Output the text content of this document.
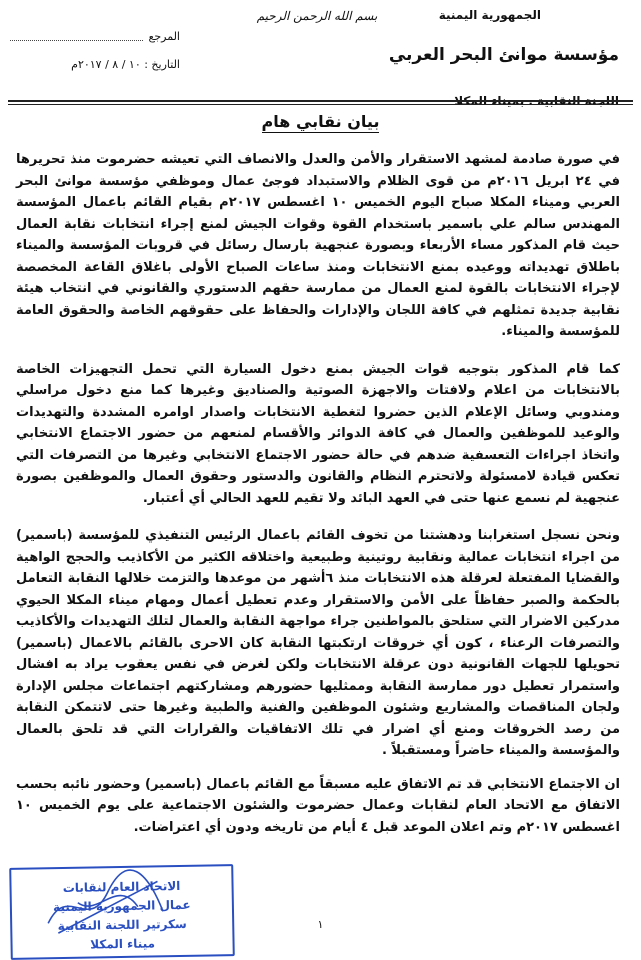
الجمهورية اليمنية
مؤسسة موانئ البحر العربي
اللجنة النقابية . بميناء المكلا
بسم الله الرحمن الرحيم
المرجع
التاريخ : ١٠ / ٨ / ٢٠١٧م
بيان نقابي هام

في صورة صادمة لمشهد الاستقرار والأمن والعدل والانصاف التي تعيشه حضرموت منذ تحريرها في ٢٤ ابريل ٢٠١٦م من قوى الظلام والاستبداد فوجئ عمال وموظفي مؤسسة موانئ البحر العربي وميناء المكلا صباح اليوم الخميس ١٠ اغسطس ٢٠١٧م بقيام القائم باعمال المؤسسة المهندس سالم علي باسمير باستخدام القوة وقوات الجيش لمنع إجراء انتخابات نقابة العمال حيث قام المذكور مساء الأربعاء وبصورة عنجهية بارسال رسائل في قروبات المؤسسة والميناء باطلاق تهديداته ووعيده بمنع الانتخابات ومنذ ساعات الصباح الأولى باغلاق القاعة المخصصة لإجراء الانتخابات بالقوة لمنع العمال من ممارسة حقهم الدستوري والقانوني في انتخاب هيئة نقابية جديدة تمثلهم في كافة اللجان والإدارات والحفاظ على حقوقهم الخاصة والحقوق العامة للمؤسسة والميناء.

كما قام المذكور بتوجيه قوات الجيش بمنع دخول السيارة التي تحمل التجهيزات الخاصة بالانتخابات من اعلام ولافتات والاجهزة الصوتية والصناديق وغيرها كما منع دخول مراسلي ومندوبي وسائل الإعلام الذين حضروا لتغطية الانتخابات واصدار اوامره المشددة والتهديدات والوعيد للموظفين والعمال في كافة الدوائر والأقسام لمنعهم من حضور الاجتماع الانتخابي واتخاذ اجراءات التعسفية ضدهم في حالة حضور الاجتماع الانتخابي وغيرها من التصرفات التي تعكس قيادة لامسئولة ولاتحترم النظام والقانون والدستور وحقوق العمال والموظفين بصورة عنجهية لم نسمع عنها حتى في العهد البائد ولا تقيم للعهد الحالي أي أعتبار.

ونحن نسجل استغرابنا ودهشتنا من تخوف القائم باعمال الرئيس التنفيذي للمؤسسة (باسمير) من اجراء انتخابات عمالية ونقابية روتينية وطبيعية واختلاقه الكثير من الأكاذيب والحجج الواهية والقضايا المفتعلة لعرقلة هذه الانتخابات منذ ٦أشهر من موعدها والتزمت خلالها النقابة التعامل بالحكمة والصبر حفاظاً على الأمن والاستقرار وعدم تعطيل أعمال ومهام ميناء المكلا الحيوي مدركين الاضرار التي ستلحق بالمواطنين جراء مواجهة النقابة والعمال لتلك التهديدات والأكاذيب والتصرفات الرعناء ، كون أي خروقات ارتكبتها النقابة كان الاحرى بالقائم بالاعمال (باسمير) تحويلها للجهات القانونية دون عرقلة الانتخابات ولكن لغرض في نفس يعقوب يراد به افشال واستمرار تعطيل دور ممارسة النقابة وممثليها حضورهم ومشاركتهم اجتماعات مجلس الإدارة ولجان المناقصات والمشاريع وشئون الموظفين والفنية والطبية وغيرها حتى لاتتمكن النقابة من رصد الخروقات ومنع أي اضرار في تلك الاتفاقيات والقرارات التي قد تلحق بالعمال والمؤسسة والميناء حاضراً ومستقبلاً .

ان الاجتماع الانتخابي قد تم الاتفاق عليه مسبقاً مع القائم باعمال (باسمير) وحضور نائبه بحسب الاتفاق مع الاتحاد العام لنقابات وعمال حضرموت والشئون الاجتماعية على يوم الخميس ١٠ اغسطس ٢٠١٧م وتم اعلان الموعد قبل ٤ أيام من تاريخه ودون أي اعتراضات.

١
الاتحاد العام لنقابات
عمال الجمهورية اليمنية
سكرتير اللجنة النقابية
ميناء المكلا
